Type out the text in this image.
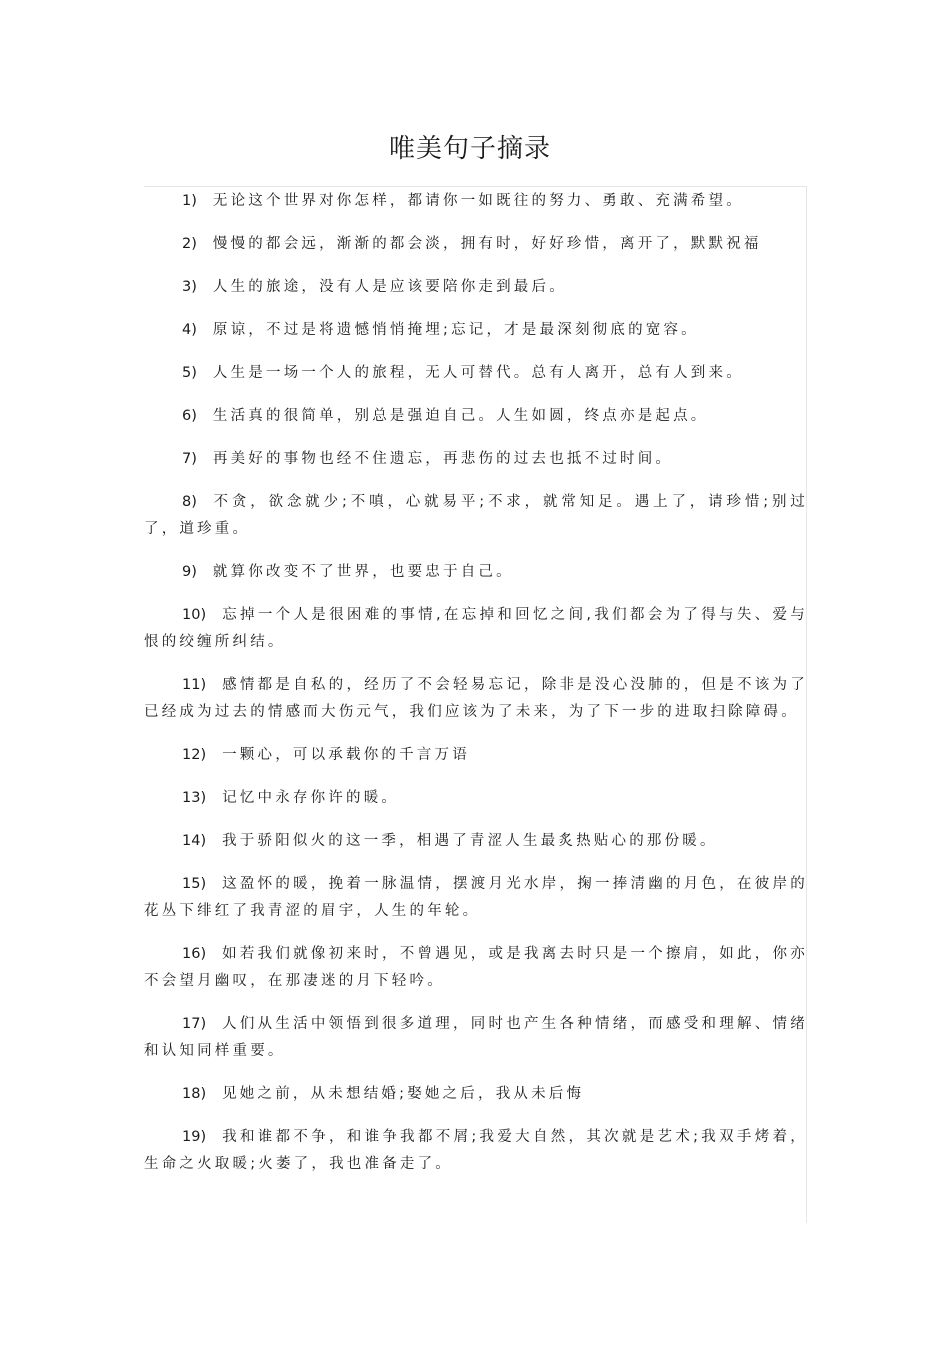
唯美句子摘录

1) 无论这个世界对你怎样，都请你一如既往的努力、勇敢、充满希望。

2) 慢慢的都会远，渐渐的都会淡，拥有时，好好珍惜，离开了，默默祝福

3) 人生的旅途，没有人是应该要陪你走到最后。

4) 原谅，不过是将遗憾悄悄掩埋;忘记，才是最深刻彻底的宽容。

5) 人生是一场一个人的旅程，无人可替代。总有人离开，总有人到来。

6) 生活真的很简单，别总是强迫自己。人生如圆，终点亦是起点。

7) 再美好的事物也经不住遗忘，再悲伤的过去也抵不过时间。

8) 不贪，欲念就少;不嗔，心就易平;不求，就常知足。遇上了，请珍惜;别过了，道珍重。

9) 就算你改变不了世界，也要忠于自己。

10) 忘掉一个人是很困难的事情,在忘掉和回忆之间,我们都会为了得与失、爱与恨的绞缠所纠结。

11) 感情都是自私的，经历了不会轻易忘记，除非是没心没肺的，但是不该为了已经成为过去的情感而大伤元气，我们应该为了未来，为了下一步的进取扫除障碍。

12) 一颗心，可以承载你的千言万语

13) 记忆中永存你许的暖。

14) 我于骄阳似火的这一季，相遇了青涩人生最炙热贴心的那份暖。

15) 这盈怀的暖，挽着一脉温情，摆渡月光水岸，掬一捧清幽的月色，在彼岸的花丛下绯红了我青涩的眉宇，人生的年轮。

16) 如若我们就像初来时，不曾遇见，或是我离去时只是一个擦肩，如此，你亦不会望月幽叹，在那凄迷的月下轻吟。

17) 人们从生活中领悟到很多道理，同时也产生各种情绪，而感受和理解、情绪和认知同样重要。

18) 见她之前，从未想结婚;娶她之后，我从未后悔

19) 我和谁都不争，和谁争我都不屑;我爱大自然，其次就是艺术;我双手烤着，生命之火取暖;火萎了，我也准备走了。
